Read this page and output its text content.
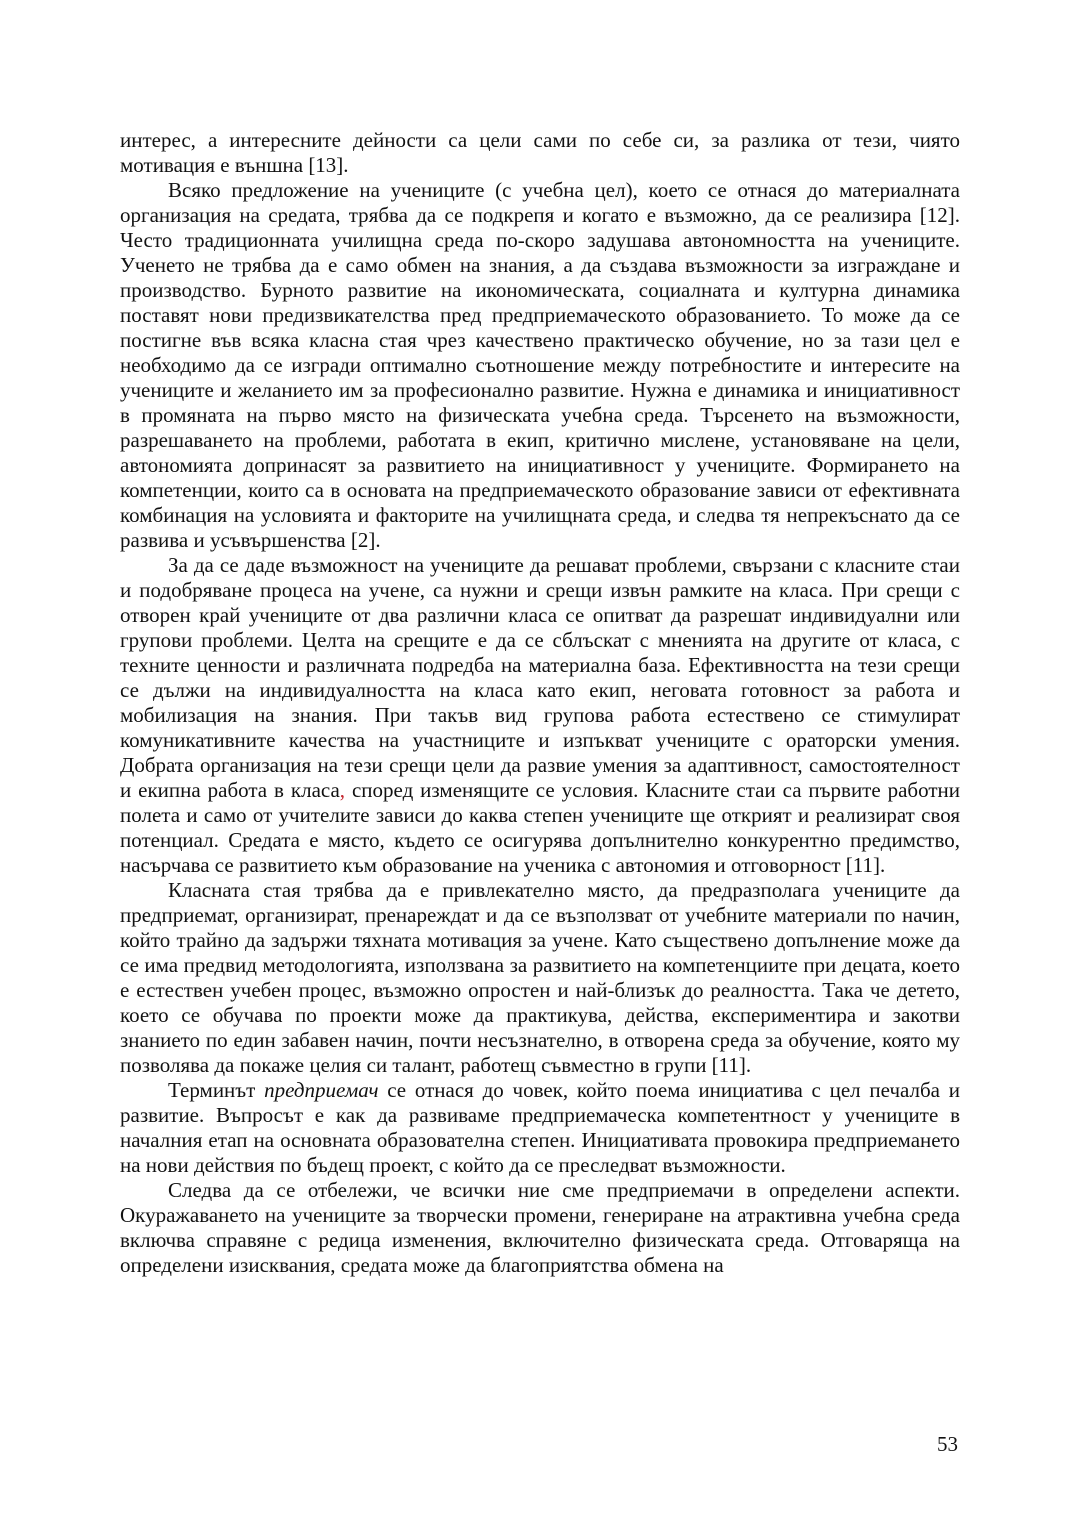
интерес, а интересните дейности са цели сами по себе си, за разлика от тези, чиято мотивация е външна [13].

Всяко предложение на учениците (с учебна цел), което се отнася до материалната организация на средата, трябва да се подкрепя и когато е възможно, да се реализира [12]. Често традиционната училищна среда по-скоро задушава автономността на учениците. Ученето не трябва да е само обмен на знания, а да създава възможности за изграждане и производство. Бурното развитие на икономическата, социалната и културна динамика поставят нови предизвикателства пред предприемаческото образованието. То може да се постигне във всяка класна стая чрез качествено практическо обучение, но за тази цел е необходимо да се изгради оптимално съотношение между потребностите и интересите на учениците и желанието им за професионално развитие. Нужна е динамика и инициативност в промяната на първо място на физическата учебна среда. Търсенето на възможности, разрешаването на проблеми, работата в екип, критично мислене, установяване на цели, автономията допринасят за развитието на инициативност у учениците. Формирането на компетенции, които са в основата на предприемаческото образование зависи от ефективната комбинация на условията и факторите на училищната среда, и следва тя непрекъснато да се развива и усъвършенства [2].

За да се даде възможност на учениците да решават проблеми, свързани с класните стаи и подобряване процеса на учене, са нужни и срещи извън рамките на класа. При срещи с отворен край учениците от два различни класа се опитват да разрешат индивидуални или групови проблеми. Целта на срещите е да се сблъскат с мненията на другите от класа, с техните ценности и различната подредба на материална база. Ефективността на тези срещи се дължи на индивидуалността на класа като екип, неговата готовност за работа и мобилизация на знания. При такъв вид групова работа естествено се стимулират комуникативните качества на участниците и изпъкват учениците с ораторски умения. Добрата организация на тези срещи цели да развие умения за адаптивност, самостоятелност и екипна работа в класа, според изменящите се условия. Класните стаи са първите работни полета и само от учителите зависи до каква степен учениците ще открият и реализират своя потенциал. Средата е място, където се осигурява допълнително конкурентно предимство, насърчава се развитието към образование на ученика с автономия и отговорност [11].

Класната стая трябва да е привлекателно място, да предразполага учениците да предприемат, организират, пренареждат и да се възползват от учебните материали по начин, който трайно да задържи тяхната мотивация за учене. Като съществено допълнение може да се има предвид методологията, използвана за развитието на компетенциите при децата, което е естествен учебен процес, възможно опростен и най-близък до реалността. Така че детето, което се обучава по проекти може да практикува, действа, експериментира и закотви знанието по един забавен начин, почти несъзнателно, в отворена среда за обучение, която му позволява да покаже целия си талант, работещ съвместно в групи [11].

Терминът предприемач се отнася до човек, който поема инициатива с цел печалба и развитие. Въпросът е как да развиваме предприемаческа компетентност у учениците в началния етап на основната образователна степен. Инициативата провокира предприемането на нови действия по бъдещ проект, с който да се преследват възможности.

Следва да се отбележи, че всички ние сме предприемачи в определени аспекти. Окуражаването на учениците за творчески промени, генериране на атрактивна учебна среда включва справяне с редица изменения, включително физическата среда. Отговаряща на определени изисквания, средата може да благоприятства обмена на

53
